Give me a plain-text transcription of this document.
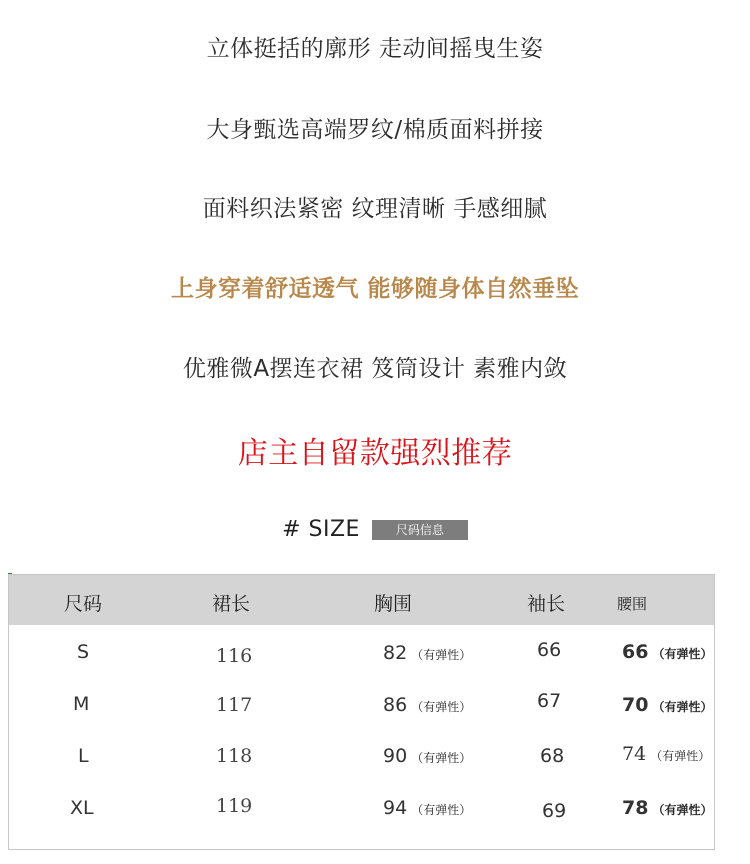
立体挺括的廓形 走动间摇曳生姿
大身甄选高端罗纹/棉质面料拼接
面料织法紧密 纹理清晰 手感细腻
上身穿着舒适透气 能够随身体自然垂坠
优雅微A摆连衣裙 笈筒设计 素雅内敛
店主自留款强烈推荐
# SIZE	尺码信息
尺码	裙长	胸围	袖长	腰围
S	116	82 （有弹性）	66	66 （有弹性）
M	117	86 （有弹性）	67	70 （有弹性）
L	118	90 （有弹性）	68	74 （有弹性）
XL	119	94 （有弹性）	69	78 （有弹性）
